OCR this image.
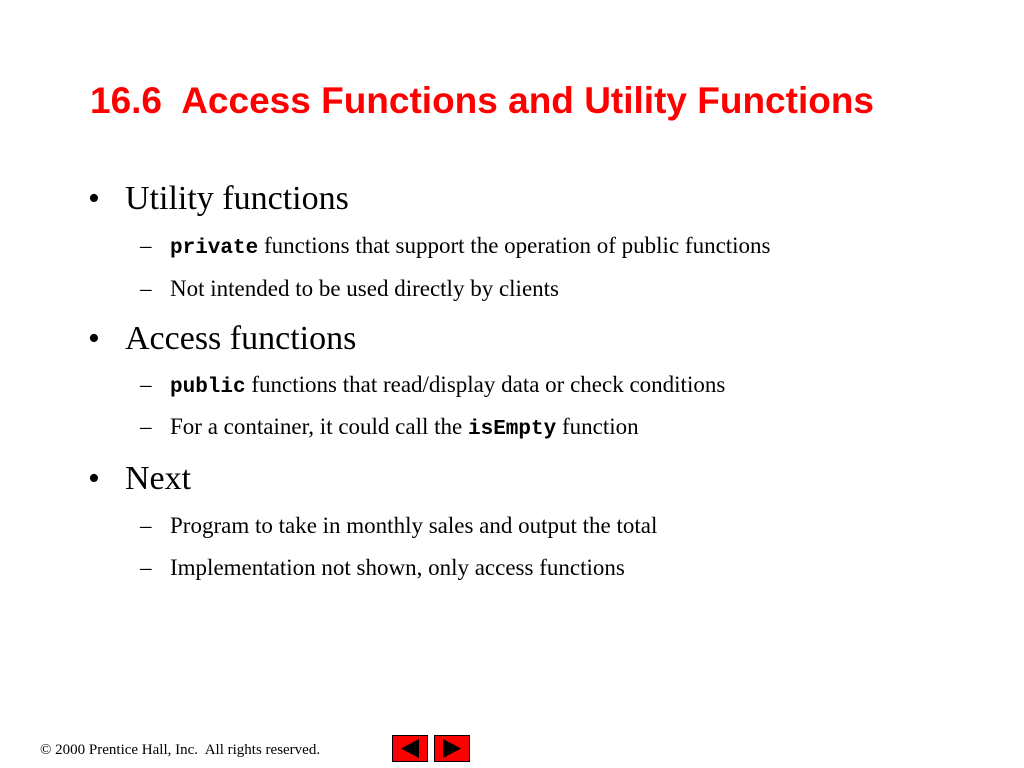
16.6  Access Functions and Utility Functions
• Utility functions
– private functions that support the operation of public functions
– Not intended to be used directly by clients
• Access functions
– public functions that read/display data or check conditions
– For a container, it could call the isEmpty function
• Next
– Program to take in monthly sales and output the total
– Implementation not shown, only access functions
© 2000 Prentice Hall, Inc.  All rights reserved.
